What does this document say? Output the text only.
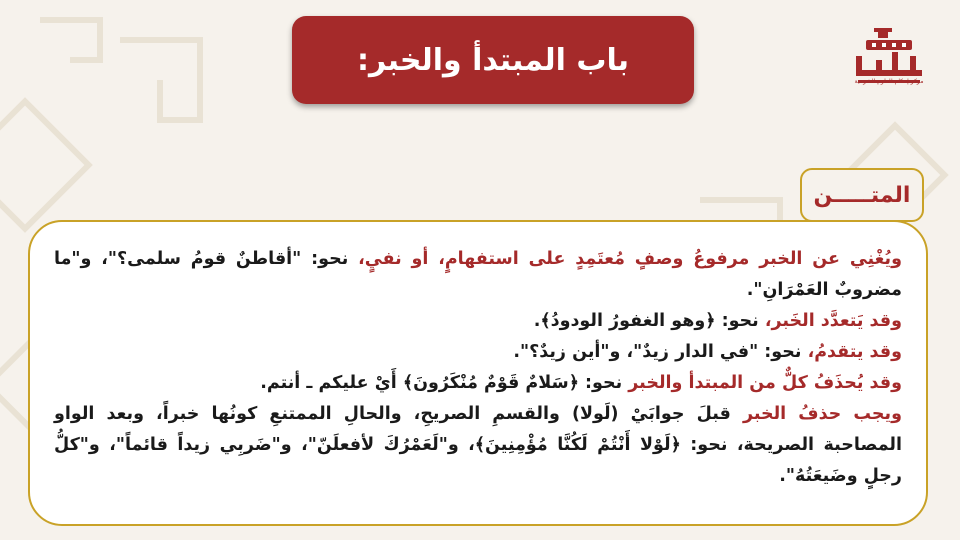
باب المبتدأ والخبر:
مركز إحكام للعلوم الشرعية
المتـــــن

ويُغْنِي عن الخبر مرفوعُ وصفٍ مُعتَمِدٍ على استفهامٍ، أو نفيٍ، نحو: "أقاطنٌ قومُ سلمى؟"، و"ما مضروبٌ العَمْرَانِ".

وقد يَتعدَّد الخَبر، نحو: ﴿وهو الغفورُ الودودُ﴾.

وقد يتقدمُ، نحو: "في الدار زيدٌ"، و"أين زيدٌ؟".

وقد يُحذَفُ كلٌّ من المبتدأ والخبر نحو: ﴿سَلامٌ قَوْمٌ مُنْكَرُونَ﴾ أَيْ عليكم ـ أنتم.

ويجب حذفُ الخبر قبلَ جوابَيْ (لَولا) والقسمِ الصريحِ، والحالِ الممتنعِ كونُها خبراً، وبعد الواو المصاحبة الصريحة، نحو: ﴿لَوْلا أَنْتُمْ لَكُنَّا مُؤْمِنِينَ﴾، و"لَعَمْرُكَ لأفعلَنّ"، و"ضَربِي زيداً قائماً"، و"كلُّ رجلٍ وضَيعَتُهُ".
